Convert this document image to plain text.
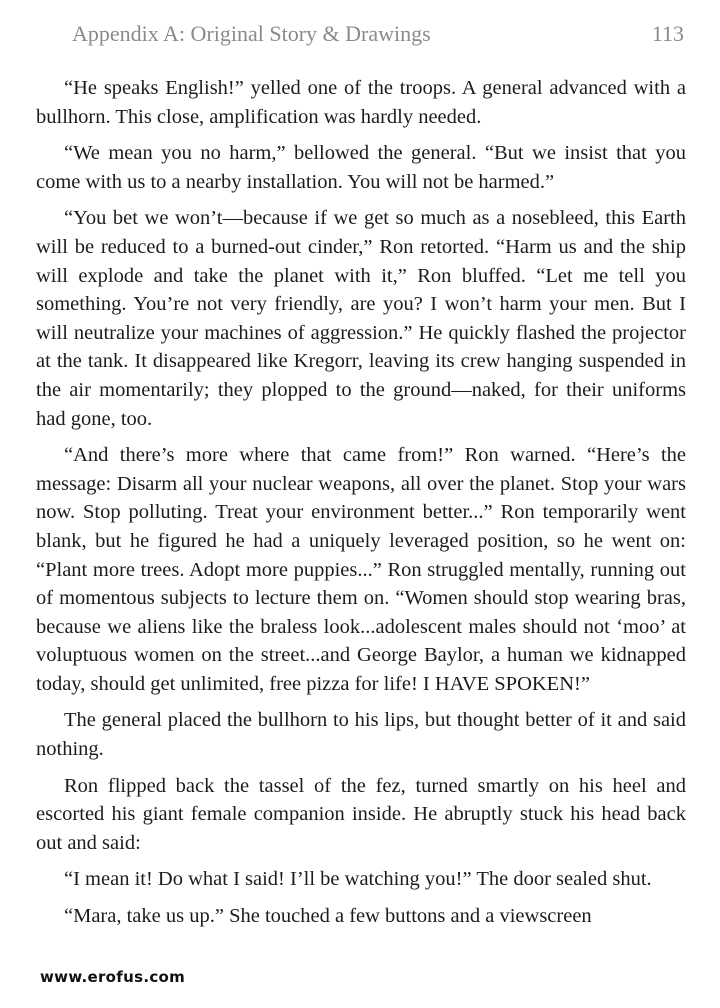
Appendix A: Original Story & Drawings	113

“He speaks English!” yelled one of the troops. A general advanced with a bullhorn. This close, amplification was hardly needed.

“We mean you no harm,” bellowed the general. “But we insist that you come with us to a nearby installation. You will not be harmed.”

“You bet we won’t—because if we get so much as a nosebleed, this Earth will be reduced to a burned-out cinder,” Ron retorted. “Harm us and the ship will explode and take the planet with it,” Ron bluffed. “Let me tell you something. You’re not very friendly, are you? I won’t harm your men. But I will neutralize your machines of aggression.” He quickly flashed the projector at the tank. It disappeared like Kregorr, leaving its crew hanging suspended in the air momentarily; they plopped to the ground—naked, for their uniforms had gone, too.

“And there’s more where that came from!” Ron warned. “Here’s the message: Disarm all your nuclear weapons, all over the planet. Stop your wars now. Stop polluting. Treat your environment better...” Ron temporarily went blank, but he figured he had a uniquely leveraged position, so he went on: “Plant more trees. Adopt more puppies...” Ron struggled mentally, running out of momentous subjects to lecture them on. “Women should stop wearing bras, because we aliens like the braless look...adolescent males should not ‘moo’ at voluptuous women on the street...and George Baylor, a human we kidnapped today, should get unlimited, free pizza for life! I HAVE SPOKEN!”

The general placed the bullhorn to his lips, but thought better of it and said nothing.

Ron flipped back the tassel of the fez, turned smartly on his heel and escorted his giant female companion inside. He abruptly stuck his head back out and said:

“I mean it! Do what I said! I’ll be watching you!” The door sealed shut.

“Mara, take us up.” She touched a few buttons and a viewscreen

www.erofus.com
